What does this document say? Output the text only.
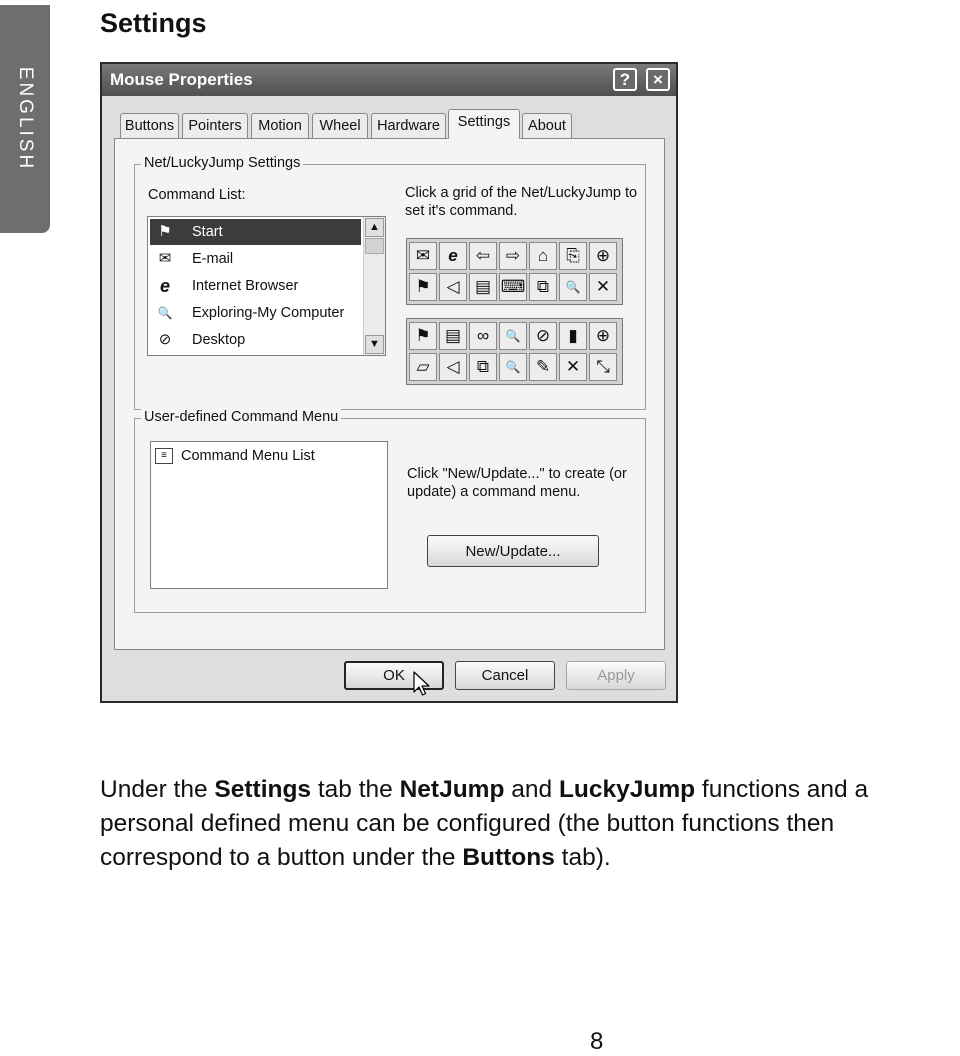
ENGLISH
Settings
Mouse Properties	?	×
Buttons Pointers	Motion	Wheel	Hardware	Settings	About
Net/LuckyJump Settings
Command List:
⚑ Start
✉ E-mail
e Internet Browser
🔍 Exploring-My Computer
⊘ Desktop
▲
▼
Click a grid of the Net/LuckyJump to set it's command.
✉	e	⇦ ⇨	⌂	⎘ ⊕
⚑ ◁ ▤ ⌨ ⧉	🔍 ✕
⚑ ▤ ∞	🔍 ⊘	▮	⊕
▱ ◁	⧉	🔍 ✎ ✕ ⤡
User-defined Command Menu
≡ Command Menu List
Click "New/Update..." to create (or update) a command menu.
New/Update...
OK	Cancel	Apply

Under the Settings tab the NetJump and LuckyJump functions and a personal defined menu can be configured (the button functions then correspond to a button under the Buttons tab).

8
